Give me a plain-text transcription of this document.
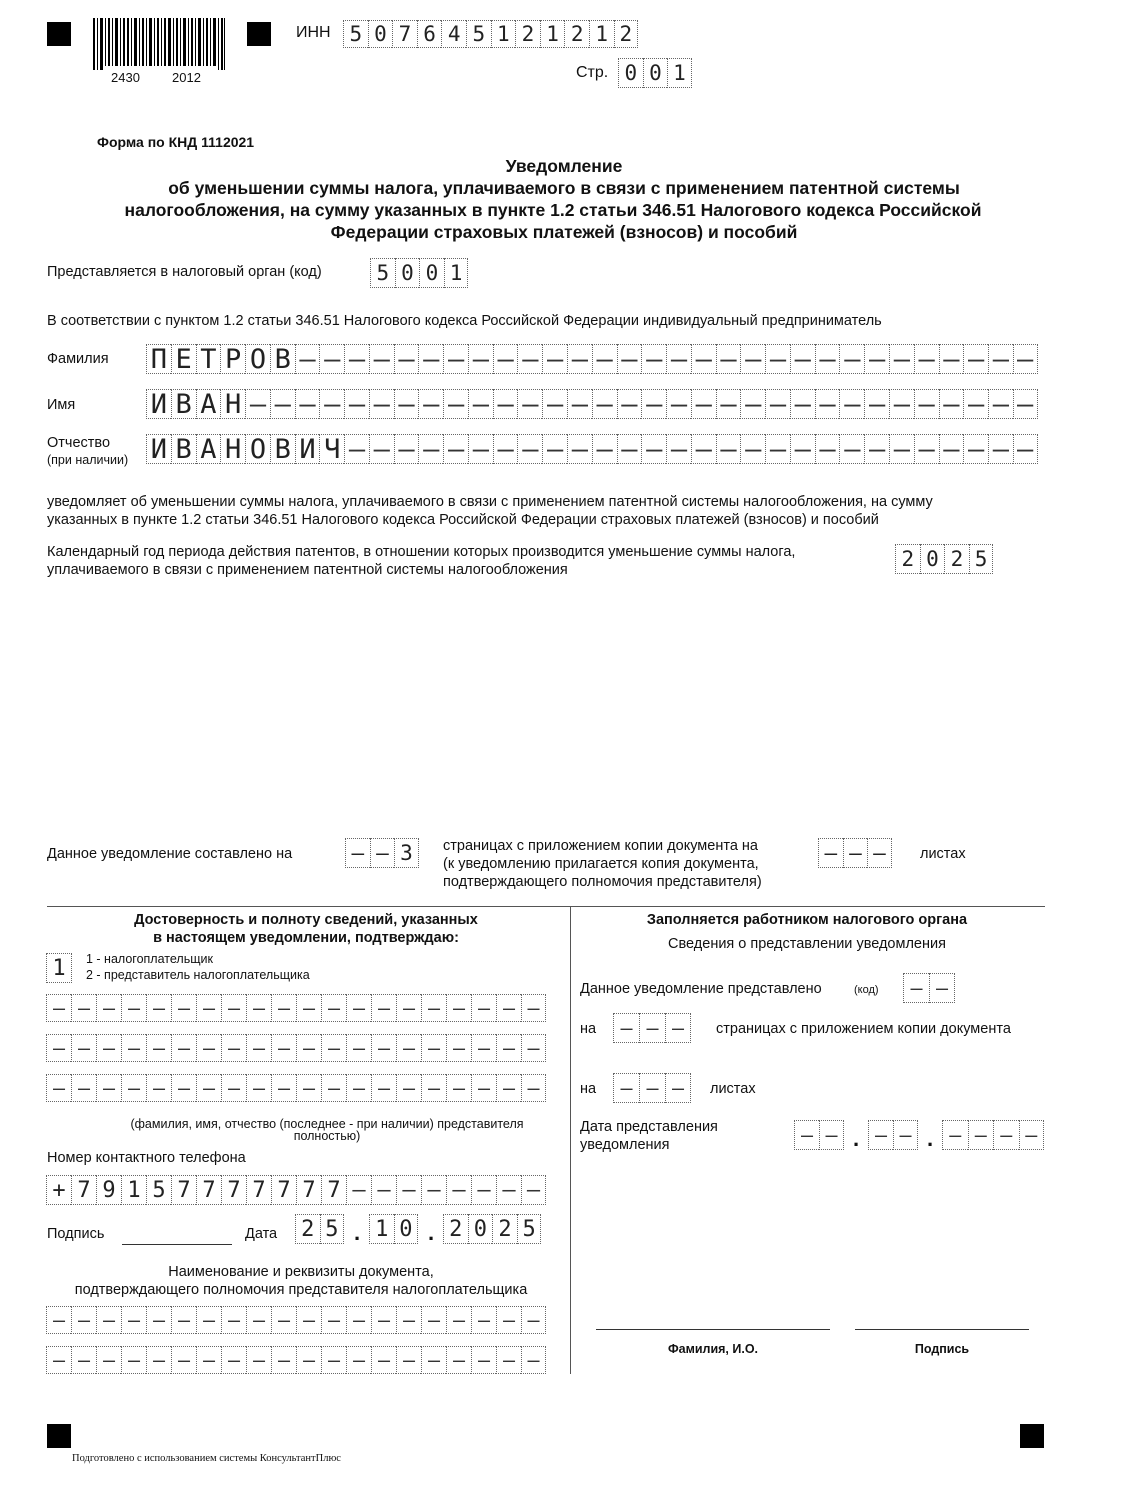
2430 2012
ИНН 5 0 7 6 4 5 1 2 1 2 1 2
Стр. 0 0 1
Форма по КНД 1112021
Уведомление
об уменьшении суммы налога, уплачиваемого в связи с применением патентной системы
налогообложения, на сумму указанных в пункте 1.2 статьи 346.51 Налогового кодекса Российской
Федерации страховых платежей (взносов) и пособий
Представляется в налоговый орган (код)	5 0 0 1
В соответствии с пунктом 1.2 статьи 346.51 Налогового кодекса Российской Федерации индивидуальный предприниматель
Фамилия П Е Т Р О В – – – – – – – – – – – – – – – – – – – – – – – – – – – – – –
Имя	И В А Н – – – – – – – – – – – – – – – – – – – – – – – – – – – – – – – –
Отчество
(при наличии) И В А Н О В И Ч – – – – – – – – – – – – – – – – – – – – – – – – – – – –
уведомляет об уменьшении суммы налога, уплачиваемого в связи с применением патентной системы налогообложения, на сумму
указанных в пункте 1.2 статьи 346.51 Налогового кодекса Российской Федерации страховых платежей (взносов) и пособий
Календарный год периода действия патентов, в отношении которых производится уменьшение суммы налога,
уплачиваемого в связи с применением патентной системы налогообложения	2 0 2 5
Данное уведомление составлено на	– – 3	страницах с приложением копии документа на
(к уведомлению прилагается копия документа,
подтверждающего полномочия представителя)
– – –	листах
Достоверность и полноту сведений, указанных
в настоящем уведомлении, подтверждаю:
1	1 - налогоплательщик
2 - представитель налогоплательщика
– – – – – – – – – – – – – – – – – – – –
– – – – – – – – – – – – – – – – – – – –
– – – – – – – – – – – – – – – – – – – –
(фамилия, имя, отчество (последнее - при наличии) представителя
полностью)
Номер контактного телефона
+ 7 9 1 5 7 7 7 7 7 7 7 – – – – – – – –
Подпись	Дата 2 5 . 1 0 . 2 0 2 5
Наименование и реквизиты документа,
подтверждающего полномочия представителя налогоплательщика
– – – – – – – – – – – – – – – – – – – –
– – – – – – – – – – – – – – – – – – – –
Заполняется работником налогового органа
Сведения о представлении уведомления
Данное уведомление представлено	(код)	– –
на	– – –	страницах с приложением копии документа
на	– – –	листах
Дата представления
уведомления	– – . – – . – – – –
Фамилия, И.О.	Подпись
Подготовлено с использованием системы КонсультантПлюс
